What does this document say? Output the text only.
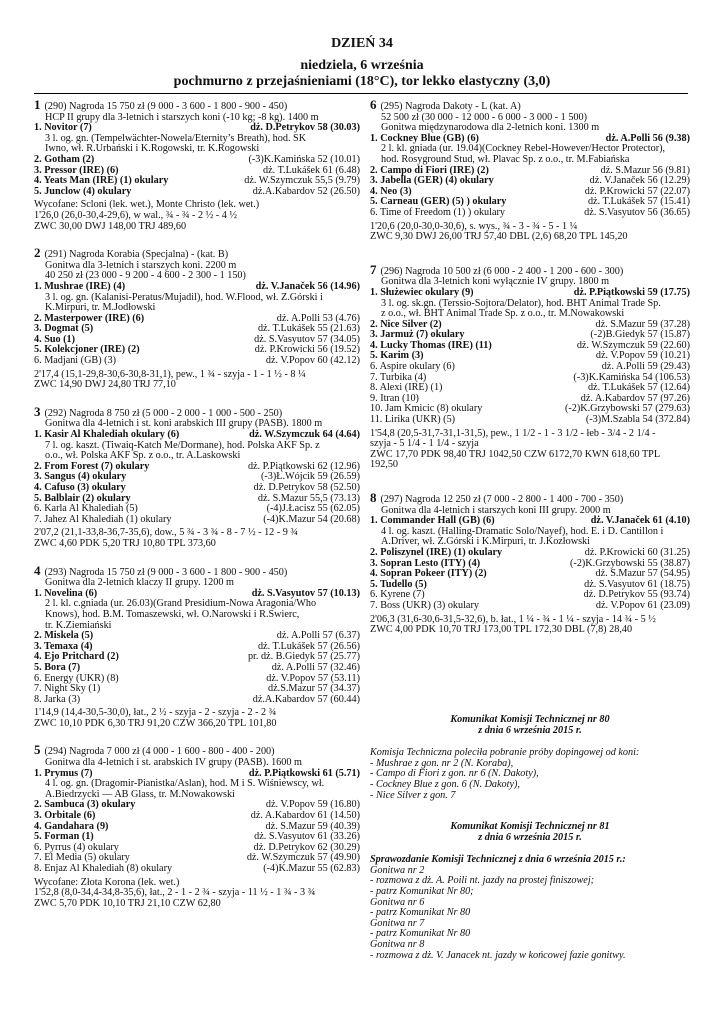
DZIEŃ 34
niedziela, 6 września
pochmurno z przejaśnieniami (18°C), tor lekko elastyczny (3,0)
1 (290) Nagroda 15 750 zł (9 000 - 3 600 - 1 800 - 900 - 450)
HCP II grupy dla 3-letnich i starszych koni (-10 kg; -8 kg). 1400 m
1. Novitor (7)	dż. D.Petrykov 58 (30.03)
3 l. og. gn. (Tempelwächter-Nowela/Eternity’s Breath), hod. SK
Iwno, wł. R.Urbański i K.Rogowski, tr. K.Rogowski
2. Gotham (2)	(-3)K.Kamińska 52 (10.01)
3. Pressor (IRE) (6)	dż. T.Lukášek 61 (6.48)
4. Yeats Man (IRE) (1) okulary	dż. W.Szymczuk 55,5 (9.79)
5. Junclow (4) okulary	dż.A.Kabardov 52 (26.50)
Wycofane: Scloni (lek. wet.), Monte Christo (lek. wet.)
1'26,0 (26,0-30,4-29,6), w wal., ¾ - ¾ - 2 ½ - 4 ½
ZWC 30,00 DWJ 148,00 TRJ 489,60
2 (291) Nagroda Korabia (Specjalna) - (kat. B)
Gonitwa dla 3-letnich i starszych koni. 2200 m
40 250 zł (23 000 - 9 200 - 4 600 - 2 300 - 1 150)
1. Mushrae (IRE) (4)	dż. V.Janaček 56 (14.96)
3 l. og. gn. (Kalanisi-Peratus/Mujadil), hod. W.Flood, wł. Z.Górski i
K.Mirpuri, tr. M.Jodłowski
2. Masterpower (IRE) (6)	dż. A.Polli 53 (4.76)
3. Dogmat (5)	dż. T.Lukášek 55 (21.63)
4. Suo (1)	dż. S.Vasyutov 57 (34.05)
5. Kolekcjoner (IRE) (2)	dż. P.Krowicki 56 (19.52)
6. Madjani (GB) (3)	dż. V.Popov 60 (42.12)
2'17,4 (15,1-29,8-30,6-30,8-31,1), pew., 1 ¾ - szyja - 1 - 1 ½ - 8 ¼
ZWC 14,90 DWJ 24,80 TRJ 77,10
3 (292) Nagroda 8 750 zł (5 000 - 2 000 - 1 000 - 500 - 250)
Gonitwa dla 4-letnich i st. koni arabskich III grupy (PASB). 1800 m
1. Kasir Al Khalediah okulary (6)	dż. W.Szymczuk 64 (4.64)
7 l. og. kaszt. (Tiwaiq-Katch Me/Dormane), hod. Polska AKF Sp. z
o.o., wł. Polska AKF Sp. z o.o., tr. A.Laskowski
2. From Forest (7) okulary	dż. P.Piątkowski 62 (12.96)
3. Sangus (4) okulary	(-3)Ł.Wójcik 59 (26.59)
4. Cafuso (3) okulary	dż. D.Petrykov 58 (52.50)
5. Balblair (2) okulary	dż. S.Mazur 55,5 (73.13)
6. Karla Al Khalediah (5)	(-4)J.Łacisz 55 (62.05)
7. Jahez Al Khalediah (1) okulary	(-4)K.Mazur 54 (20.68)
2'07,2 (21,1-33,8-36,7-35,6), dow., 5 ¾ - 3 ¾ - 8 - 7 ½ - 12 - 9 ¾
ZWC 4,60 PDK 5,20 TRJ 10,80 TPL 373,60
4 (293) Nagroda 15 750 zł (9 000 - 3 600 - 1 800 - 900 - 450)
Gonitwa dla 2-letnich klaczy II grupy. 1200 m
1. Novelina (6)	dż. S.Vasyutov 57 (10.13)
2 l. kl. c.gniada (ur. 26.03)(Grand Presidium-Nowa Aragonia/Who
Knows), hod. B.M. Tomaszewski, wł. O.Narowski i R.Swierc,
tr. K.Ziemiański
2. Miskela (5)	dż. A.Polli 57 (6.37)
3. Temaxa (4)	dż. T.Lukášek 57 (26.56)
4. Ejo Pritchard (2)	pr. dż. B.Giedyk 57 (25.77)
5. Bora (7)	dż. A.Polli 57 (32.46)
6. Energy (UKR) (8)	dż. V.Popov 57 (53.11)
7. Night Sky (1)	dż.S.Mazur 57 (34.37)
8. Jarka (3)	dż.A.Kabardov 57 (60.44)
1'14,9 (14,4-30,5-30,0), łat., 2 ½ - szyja - 2 - szyja - 2 - 2 ¾
ZWC 10,10 PDK 6,30 TRJ 91,20 CZW 366,20 TPL 101,80
5 (294) Nagroda 7 000 zł (4 000 - 1 600 - 800 - 400 - 200)
Gonitwa dla 4-letnich i st. arabskich IV grupy (PASB). 1600 m
1. Prymus (7)	dż. P.Piątkowski 61 (5.71)
4 l. og. gn. (Dragomir-Pianistka/Aslan), hod. M i S. Wiśniewscy, wł.
A.Biedrzycki — AB Glass, tr. M.Nowakowski
2. Sambuca (3) okulary	dż. V.Popov 59 (16.80)
3. Orbitale (6)	dż. A.Kabardov 61 (14.50)
4. Gandahara (9)	dż. S.Mazur 59 (40.39)
5. Forman (1)	dż. S.Vasyutov 61 (33.26)
6. Pyrrus (4) okulary	dż. D.Petrykov 62 (30.29)
7. El Media (5) okulary	dż. W.Szymczuk 57 (49.90)
8. Enjaz Al Khalediah (8) okulary	(-4)K.Mazur 55 (62.83)
Wycofane: Złota Korona (lek. wet.)
1'52,8 (8,0-34,4-34,8-35,6), łat., 2 - 1 - 2 ¾ - szyja - 11 ½ - 1 ¾ - 3 ¾
ZWC 5,70 PDK 10,10 TRJ 21,10 CZW 62,80
6 (295) Nagroda Dakoty - L (kat. A)
52 500 zł (30 000 - 12 000 - 6 000 - 3 000 - 1 500)
Gonitwa międzynarodowa dla 2-letnich koni. 1300 m
1. Cockney Blue (GB) (6)	dż. A.Polli 56 (9.38)
2 l. kl. gniada (ur. 19.04)(Cockney Rebel-However/Hector Protector),
hod. Rosyground Stud, wł. Plavac Sp. z o.o., tr. M.Fabiańska
2. Campo di Fiori (IRE) (2)	dż. S.Mazur 56 (9.81)
3. Jabella (GER) (4) okulary	dż. V.Janaček 56 (12.29)
4. Neo (3)	dż. P.Krowicki 57 (22.07)
5. Carneau (GER) (5) ) okulary	dż. T.Lukášek 57 (15.41)
6. Time of Freedom (1) ) okulary	dż. S.Vasyutov 56 (36.65)
1'20,6 (20,0-30,0-30,6), s. wys., ¾ - 3 - ¾ - 5 - 1 ¼
ZWC 9,30 DWJ 26,00 TRJ 57,40 DBL (2,6) 68,20 TPL 145,20
7 (296) Nagroda 10 500 zł (6 000 - 2 400 - 1 200 - 600 - 300)
Gonitwa dla 3-letnich koni wyłącznie IV grupy. 1800 m
1. Służewiec okulary (9)	dż. P.Piątkowski 59 (17.75)
3 l. og. sk.gn. (Terssio-Sojtora/Delator), hod. BHT Animal Trade Sp.
z o.o., wł. BHT Animal Trade Sp. z o.o., tr. M.Nowakowski
2. Nice Silver (2)	dż. S.Mazur 59 (37.28)
3. Jarmuż (7) okulary	(-2)B.Giedyk 57 (15.87)
4. Lucky Thomas (IRE) (11)	dż. W.Szymczuk 59 (22.60)
5. Karim (3)	dż. V.Popov 59 (10.21)
6. Aspire okulary (6)	dż. A.Polli 59 (29.43)
7. Turbika (4)	(-3)K.Kamińska 54 (106.53)
8. Alexi (IRE) (1)	dż. T.Lukášek 57 (12.64)
9. Itran (10)	dż. A.Kabardov 57 (97.26)
10. Jam Kmicic (8) okulary	(-2)K.Grzybowski 57 (279.63)
11. Lirika (UKR) (5)	(-3)M.Szabla 54 (372.84)
1'54,8 (20,5-31,7-31,1-31,5), pew., 1 1/2 - 1 - 3 1/2 - łeb - 3/4 - 2 1/4 -
szyja - 5 1/4 - 1 1/4 - szyja
ZWC 17,70 PDK 98,40 TRJ 1042,50 CZW 6172,70 KWN 618,60 TPL
192,50
8 (297) Nagroda 12 250 zł (7 000 - 2 800 - 1 400 - 700 - 350)
Gonitwa dla 4-letnich i starszych koni III grupy. 2000 m
1. Commander Hall (GB) (6)	dż. V.Janaček 61 (4.10)
4 l. og. kaszt. (Halling-Dramatic Solo/Nayef), hod. E. i D. Cantillon i
A.Driver, wł. Z.Górski i K.Mirpuri, tr. J.Kozłowski
2. Poliszynel (IRE) (1) okulary	dż. P.Krowicki 60 (31.25)
3. Sopran Lesto (ITY) (4)	(-2)K.Grzybowski 55 (38.87)
4. Sopran Pokeer (ITY) (2)	dż. S.Mazur 57 (54.95)
5. Tudello (5)	dż. S.Vasyutov 61 (18.75)
6. Kyrene (7)	dż. D.Petrykov 55 (93.74)
7. Boss (UKR) (3) okulary	dż. V.Popov 61 (23.09)
2'06,3 (31,6-30,6-31,5-32,6), b. łat., 1 ¼ - ¾ - 1 ¼ - szyja - 14 ¾ - 5 ½
ZWC 4,00 PDK 10,70 TRJ 173,00 TPL 172,30 DBL (7,8) 28,40
Komunikat Komisji Technicznej nr 80
z dnia 6 września 2015 r.
Komisja Techniczna poleciła pobranie próby dopingowej od koni:
- Mushrae z gon. nr 2 (N. Koraba),
- Campo di Fiori z gon. nr 6 (N. Dakoty),
- Cockney Blue z gon. 6 (N. Dakoty),
- Nice Silver z gon. 7
Komunikat Komisji Technicznej nr 81
z dnia 6 września 2015 r.
Sprawozdanie Komisji Technicznej z dnia 6 września 2015 r.:
Gonitwa nr 2
- rozmowa z dż. A. Poili nt. jazdy na prostej finiszowej;
- patrz Komunikat Nr 80;
Gonitwa nr 6
- patrz Komunikat Nr 80
Gonitwa nr 7
- patrz Komunikat Nr 80
Gonitwa nr 8
- rozmowa z dż. V. Janacek nt. jazdy w końcowej fazie gonitwy.
